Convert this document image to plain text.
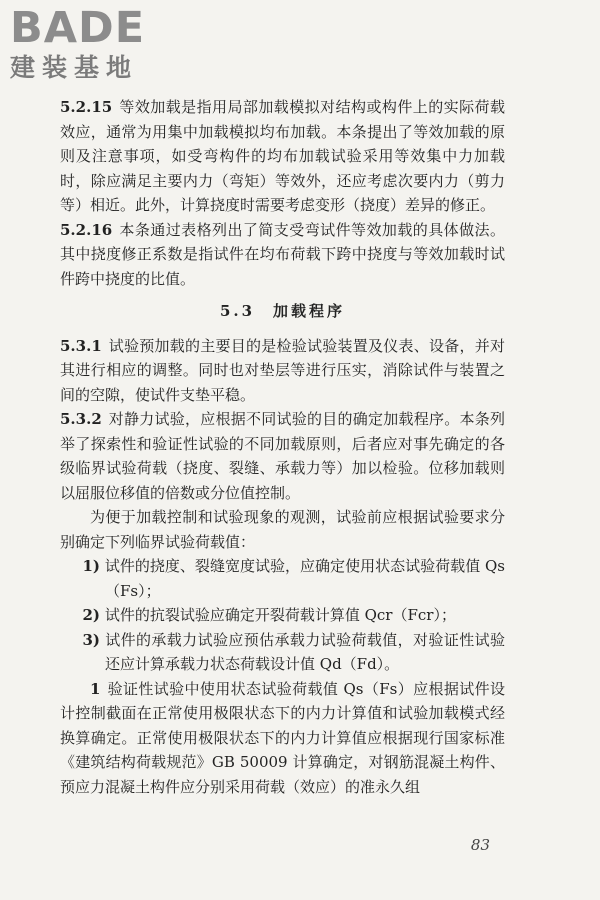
BADE
建装基地

5.2.15 等效加载是指用局部加载模拟对结构或构件上的实际荷载效应，通常为用集中加载模拟均布加载。本条提出了等效加载的原则及注意事项，如受弯构件的均布加载试验采用等效集中力加载时，除应满足主要内力（弯矩）等效外，还应考虑次要内力（剪力等）相近。此外，计算挠度时需要考虑变形（挠度）差异的修正。

5.2.16 本条通过表格列出了简支受弯试件等效加载的具体做法。其中挠度修正系数是指试件在均布荷载下跨中挠度与等效加载时试件跨中挠度的比值。

5.3　加载程序

5.3.1 试验预加载的主要目的是检验试验装置及仪表、设备，并对其进行相应的调整。同时也对垫层等进行压实，消除试件与装置之间的空隙，使试件支垫平稳。

5.3.2 对静力试验，应根据不同试验的目的确定加载程序。本条列举了探索性和验证性试验的不同加载原则，后者应对事先确定的各级临界试验荷载（挠度、裂缝、承载力等）加以检验。位移加载则以屈服位移值的倍数或分位值控制。

为便于加载控制和试验现象的观测，试验前应根据试验要求分别确定下列临界试验荷载值：

1) 试件的挠度、裂缝宽度试验，应确定使用状态试验荷载值 Qs（Fs）；

2) 试件的抗裂试验应确定开裂荷载计算值 Qcr（Fcr）；

3) 试件的承载力试验应预估承载力试验荷载值，对验证性试验还应计算承载力状态荷载设计值 Qd（Fd）。

1 验证性试验中使用状态试验荷载值 Qs（Fs）应根据试件设计控制截面在正常使用极限状态下的内力计算值和试验加载模式经换算确定。正常使用极限状态下的内力计算值应根据现行国家标准《建筑结构荷载规范》GB 50009 计算确定，对钢筋混凝土构件、预应力混凝土构件应分别采用荷载（效应）的准永久组

83
